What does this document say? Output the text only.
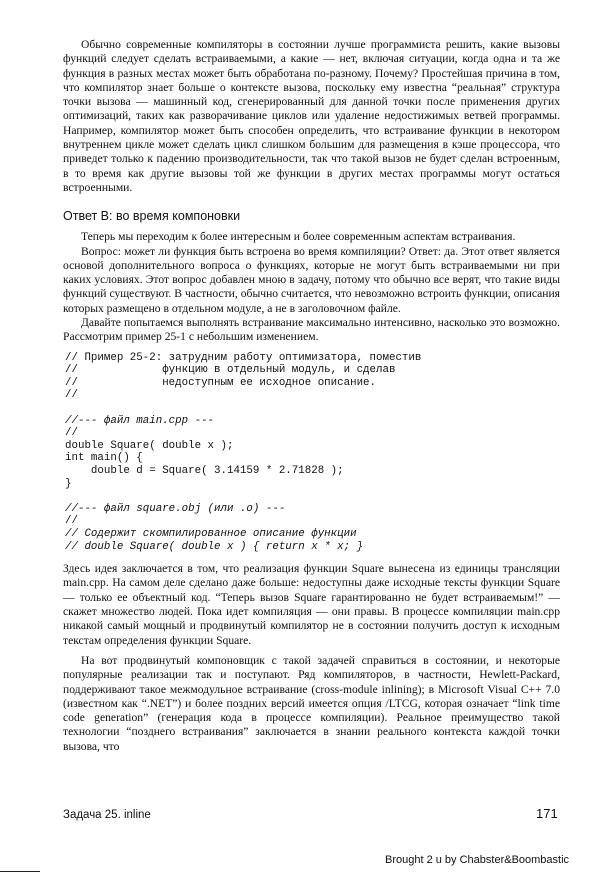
Обычно современные компиляторы в состоянии лучше программиста решить, какие вызовы функций следует сделать встраиваемыми, а какие — нет, включая ситуации, когда одна и та же функция в разных местах может быть обработана по-разному. Почему? Простейшая причина в том, что компилятор знает больше о контексте вызова, поскольку ему известна “реальная” структура точки вызова — машинный код, сгенерированный для данной точки после применения других оптимизаций, таких как разворачивание циклов или удаление недостижимых ветвей программы. Например, компилятор может быть способен определить, что встраивание функции в некотором внутреннем цикле может сделать цикл слишком большим для размещения в кэше процессора, что приведет только к падению производительности, так что такой вызов не будет сделан встроенным, в то время как другие вызовы той же функции в других местах программы могут остаться встроенными.

Ответ В: во время компоновки

Теперь мы переходим к более интересным и более современным аспектам встраивания.

Вопрос: может ли функция быть встроена во время компиляции? Ответ: да. Этот ответ является основой дополнительного вопроса о функциях, которые не могут быть встраиваемыми ни при каких условиях. Этот вопрос добавлен мною в задачу, потому что обычно все верят, что такие виды функций существуют. В частности, обычно считается, что невозможно встроить функции, описания которых размещено в отдельном модуле, а не в заголовочном файле.

Давайте попытаемся выполнять встраивание максимально интенсивно, насколько это возможно. Рассмотрим пример 25-1 с небольшим изменением.

// Пример 25-2: затрудним работу оптимизатора, поместив
//             функцию в отдельный модуль, и сделав
//             недоступным ее исходное описание.
//

//--- файл main.cpp ---
//
double Square( double x );
int main() {
double d = Square( 3.14159 * 2.71828 );
}

//--- файл square.obj (или .o) ---
//
// Содержит скомпилированное описание функции
// double Square( double x ) { return x * x; }

Здесь идея заключается в том, что реализация функции Square вынесена из единицы трансляции main.cpp. На самом деле сделано даже больше: недоступны даже исходные тексты функции Square — только ее объектный код. “Теперь вызов Square гарантированно не будет встраиваемым!” — скажет множество людей. Пока идет компиляция — они правы. В процессе компиляции main.cpp никакой самый мощный и продвинутый компилятор не в состоянии получить доступ к исходным текстам определения функции Square.

На вот продвинутый компоновщик с такой задачей справиться в состоянии, и некоторые популярные реализации так и поступают. Ряд компиляторов, в частности, Hewlett-Packard, поддерживают такое межмодульное встраивание (cross-module inlining); в Microsoft Visual C++ 7.0 (известном как “.NET”) и более поздних версий имеется опция /LTCG, которая означает “link time code generation” (генерация кода в процессе компиляции). Реальное преимущество такой технологии “позднего встраивания” заключается в знании реального контекста каждой точки вызова, что

Задача 25. inline	171
Brought 2 u by Chabster&Boombastic
